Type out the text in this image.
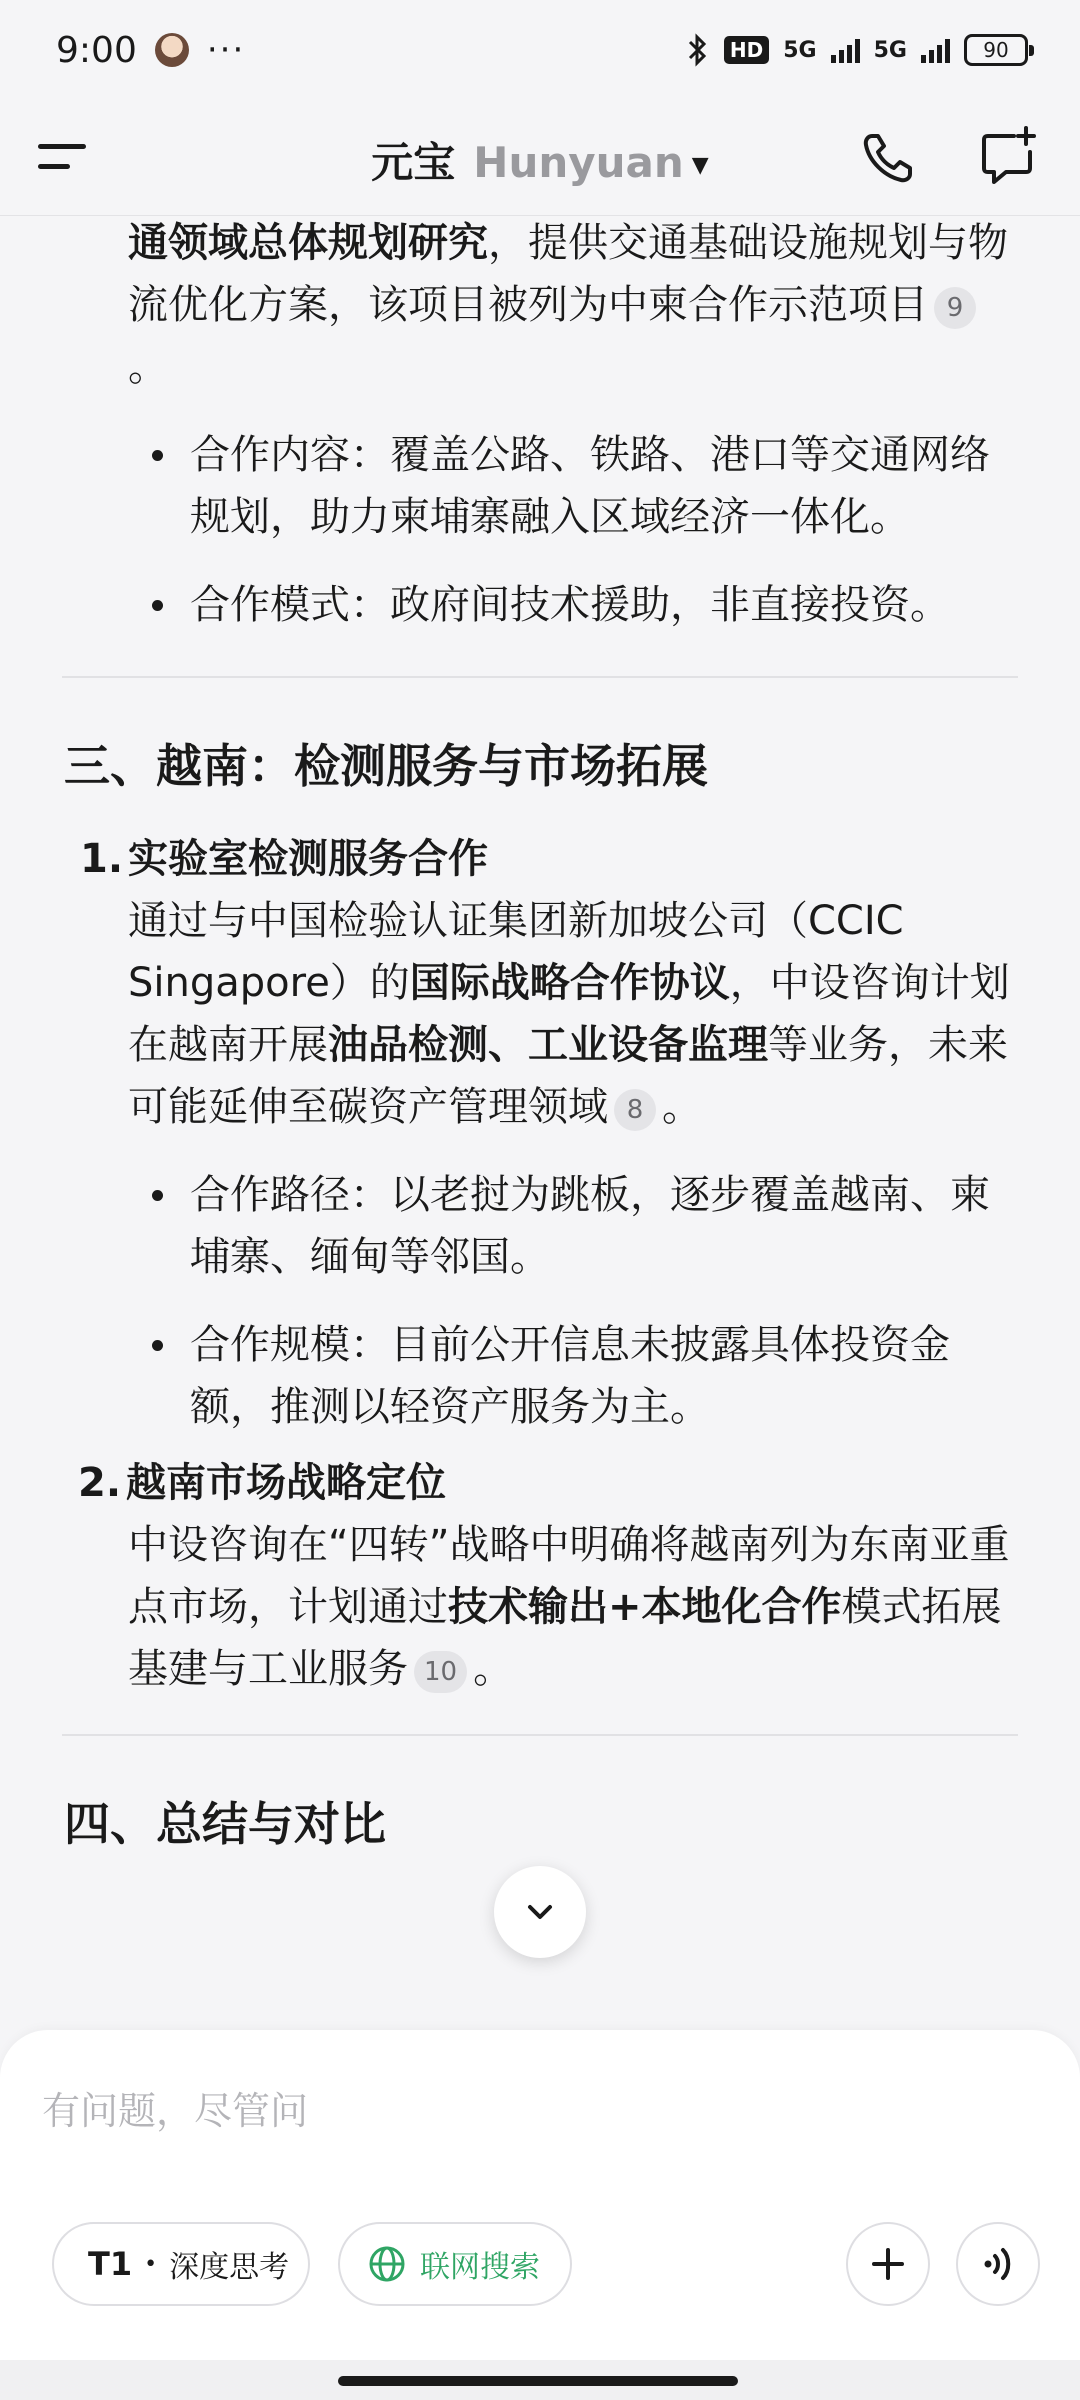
9:00 ···	HD 5G	5G	90
元宝 Hunyuan ▼

通领域总体规划研究，提供交通基础设施规划与物流优化方案，该项目被列为中柬合作示范项目 9。

合作内容：覆盖公路、铁路、港口等交通网络规划，助力柬埔寨融入区域经济一体化。
合作模式：政府间技术援助，非直接投资。
三、越南：检测服务与市场拓展
1. 实验室检测服务合作

通过与中国检验认证集团新加坡公司（CCIC Singapore）的国际战略合作协议，中设咨询计划在越南开展油品检测、工业设备监理等业务，未来可能延伸至碳资产管理领域 8 。

合作路径：以老挝为跳板，逐步覆盖越南、柬埔寨、缅甸等邻国。
合作规模：目前公开信息未披露具体投资金额，推测以轻资产服务为主。
2. 越南市场战略定位

中设咨询在“四转”战略中明确将越南列为东南亚重点市场，计划通过技术输出+本地化合作模式拓展基建与工业服务 10 。

四、总结与对比
有问题，尽管问
T1 • 深度思考	联网搜索
